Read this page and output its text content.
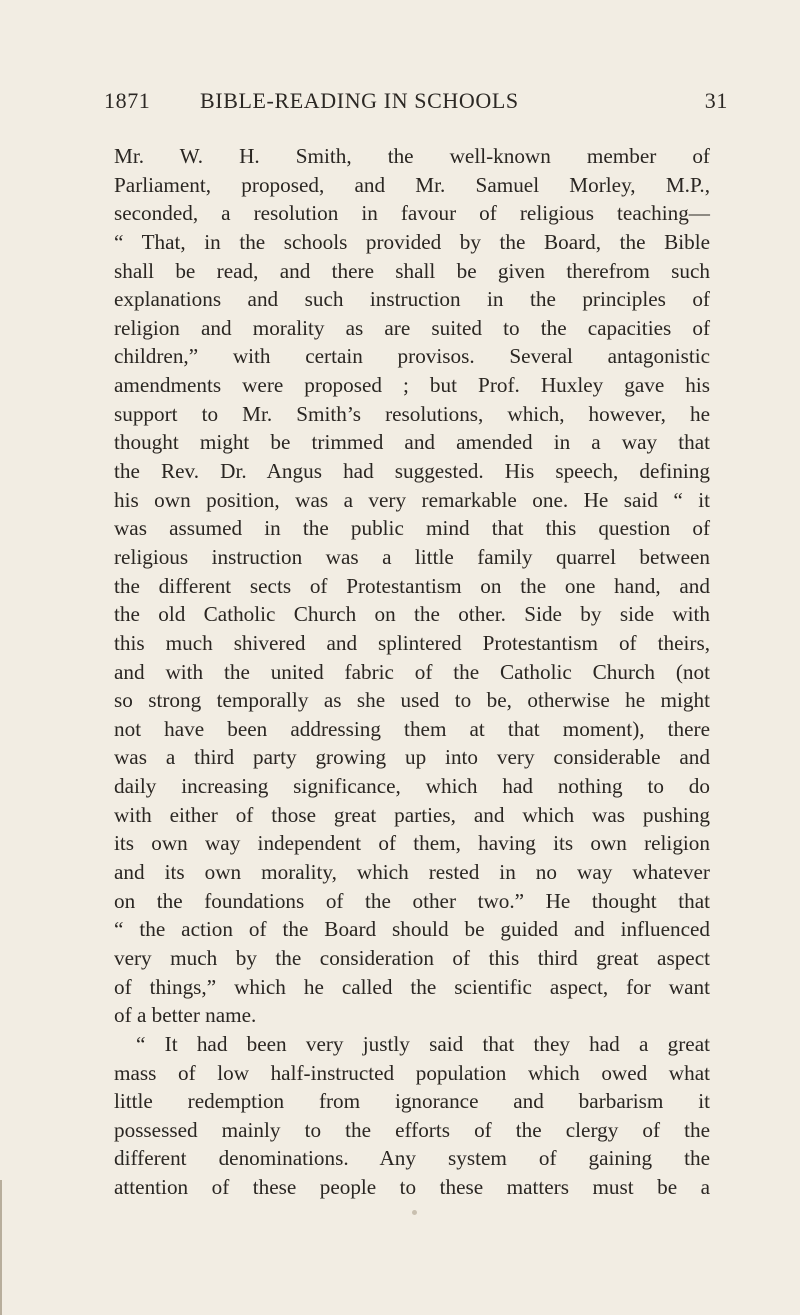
1871 BIBLE-READING IN SCHOOLS	31
Mr. W. H. Smith, the well-known member of
Parliament, proposed, and Mr. Samuel Morley, M.P.,
seconded, a resolution in favour of religious teaching—
“ That, in the schools provided by the Board, the Bible
shall be read, and there shall be given therefrom such
explanations and such instruction in the principles of
religion and morality as are suited to the capacities of
children,” with certain provisos. Several antagonistic
amendments were proposed ; but Prof. Huxley gave his
support to Mr. Smith’s resolutions, which, however, he
thought might be trimmed and amended in a way that
the Rev. Dr. Angus had suggested. His speech, defining
his own position, was a very remarkable one. He said “ it
was assumed in the public mind that this question of
religious instruction was a little family quarrel between
the different sects of Protestantism on the one hand, and
the old Catholic Church on the other. Side by side with
this much shivered and splintered Protestantism of theirs,
and with the united fabric of the Catholic Church (not
so strong temporally as she used to be, otherwise he might
not have been addressing them at that moment), there
was a third party growing up into very considerable and
daily increasing significance, which had nothing to do
with either of those great parties, and which was pushing
its own way independent of them, having its own religion
and its own morality, which rested in no way whatever
on the foundations of the other two.” He thought that
“ the action of the Board should be guided and influenced
very much by the consideration of this third great aspect
of things,” which he called the scientific aspect, for want
of a better name.
“ It had been very justly said that they had a great
mass of low half-instructed population which owed what
little redemption from ignorance and barbarism it
possessed mainly to the efforts of the clergy of the
different denominations. Any system of gaining the
attention of these people to these matters must be a
